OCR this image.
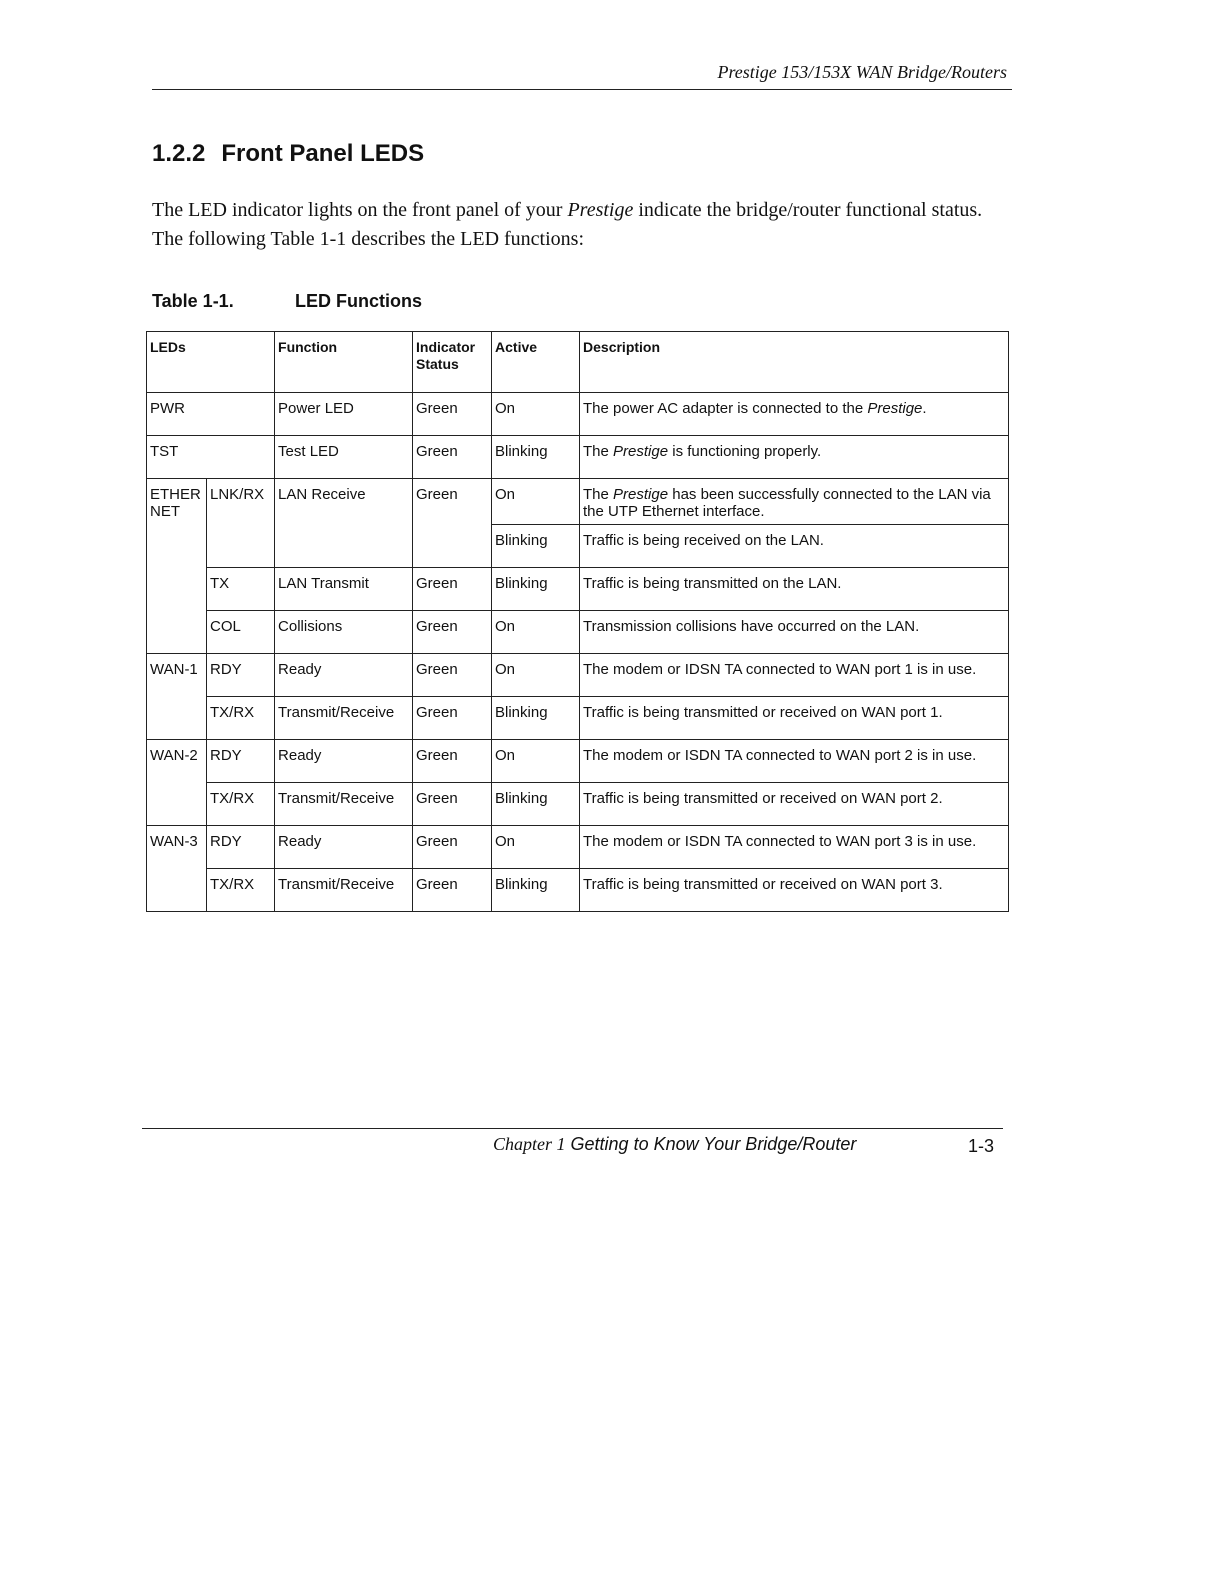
Prestige 153/153X WAN Bridge/Routers
1.2.2 Front Panel LEDS
The LED indicator lights on the front panel of your Prestige indicate the bridge/router functional status. The following Table 1-1 describes the LED functions:
Table 1-1.	LED Functions
LEDs		Function	Indicator Status	Active	Description
PWR		Power LED	Green	On	The power AC adapter is connected to the Prestige.
TST		Test LED	Green	Blinking	The Prestige is functioning properly.
ETHER NET	LNK/RX	LAN Receive	Green	On	The Prestige has been successfully connected to the LAN via the UTP Ethernet interface.
				Blinking	Traffic is being received on the LAN.
	TX	LAN Transmit	Green	Blinking	Traffic is being transmitted on the LAN.
	COL	Collisions	Green	On	Transmission collisions have occurred on the LAN.
WAN-1	RDY	Ready	Green	On	The modem or IDSN TA connected to WAN port 1 is in use.
	TX/RX	Transmit/Receive	Green	Blinking	Traffic is being transmitted or received on WAN port 1.
WAN-2	RDY	Ready	Green	On	The modem or ISDN TA connected to WAN port 2 is in use.
	TX/RX	Transmit/Receive	Green	Blinking	Traffic is being transmitted or received on WAN port 2.
WAN-3	RDY	Ready	Green	On	The modem or ISDN TA connected to WAN port 3 is in use.
	TX/RX	Transmit/Receive	Green	Blinking	Traffic is being transmitted or received on WAN port 3.
Chapter 1 Getting to Know Your Bridge/Router	1-3
